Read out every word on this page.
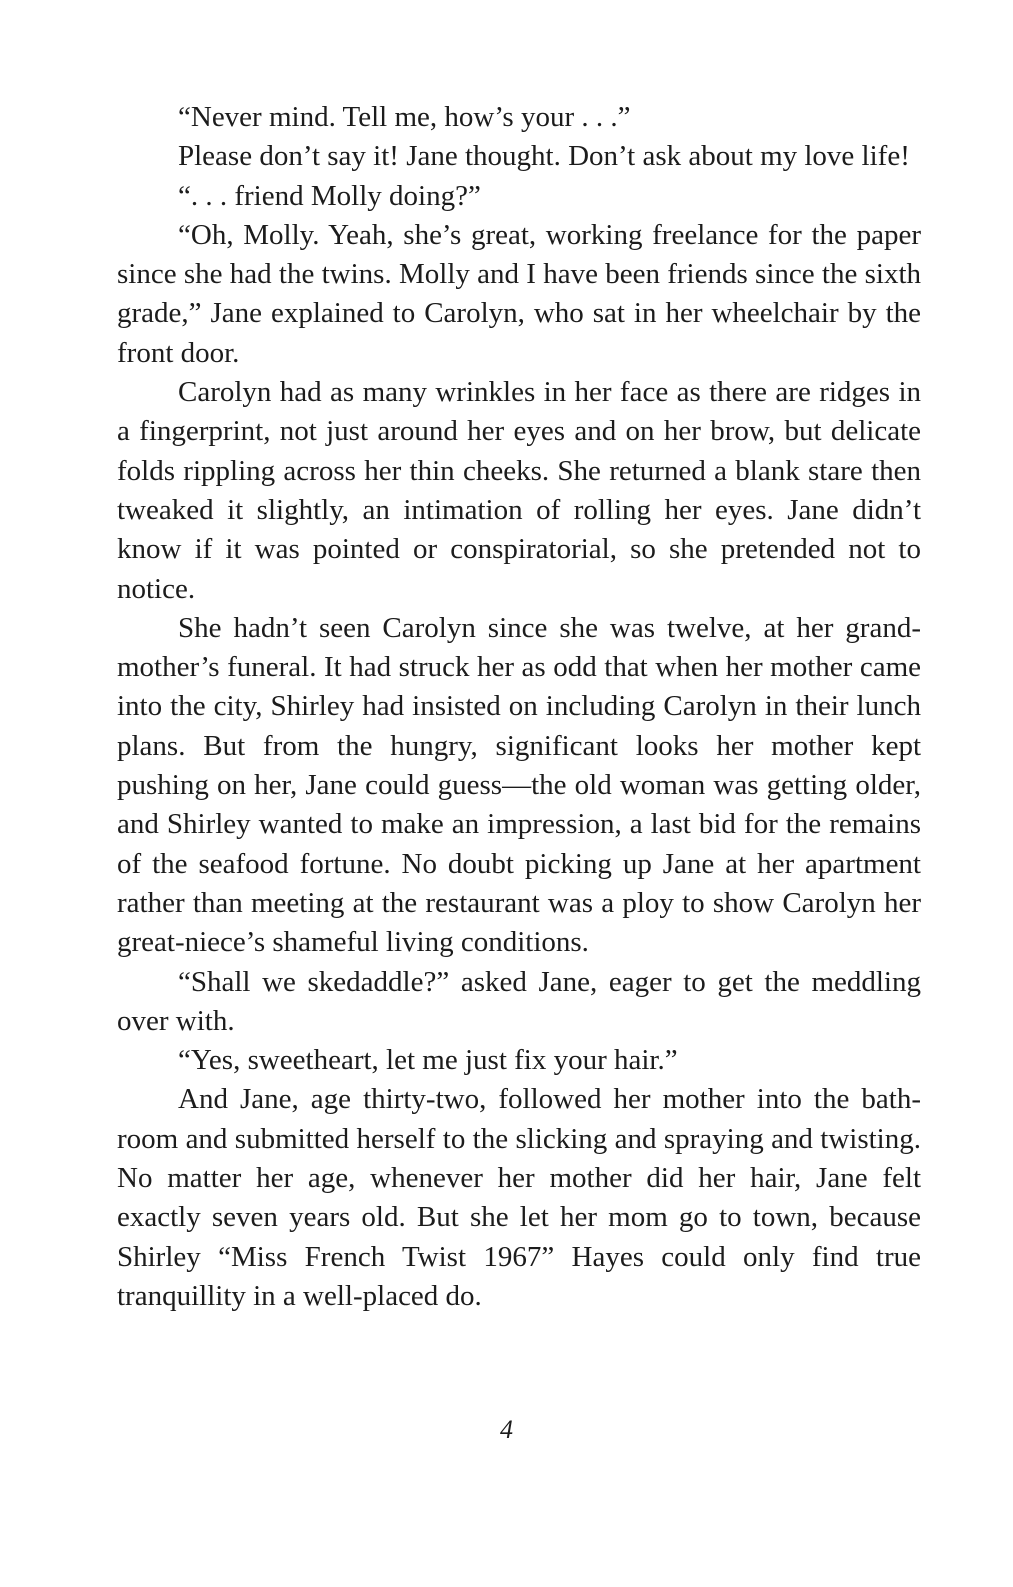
“Never mind. Tell me, how’s your . . .”

Please don’t say it! Jane thought. Don’t ask about my love life!

“. . . friend Molly doing?”

“Oh, Molly. Yeah, she’s great, working freelance for the paper since she had the twins. Molly and I have been friends since the sixth grade,” Jane explained to Carolyn, who sat in her wheelchair by the front door.

Carolyn had as many wrinkles in her face as there are ridges in a fingerprint, not just around her eyes and on her brow, but delicate folds rippling across her thin cheeks. She returned a blank stare then tweaked it slightly, an intimation of rolling her eyes. Jane didn’t know if it was pointed or conspiratorial, so she pretended not to notice.

She hadn’t seen Carolyn since she was twelve, at her grandmother’s funeral. It had struck her as odd that when her mother came into the city, Shirley had insisted on including Carolyn in their lunch plans. But from the hungry, significant looks her mother kept pushing on her, Jane could guess—the old woman was getting older, and Shirley wanted to make an impression, a last bid for the remains of the seafood fortune. No doubt picking up Jane at her apartment rather than meeting at the restaurant was a ploy to show Carolyn her great-niece’s shameful living conditions.

“Shall we skedaddle?” asked Jane, eager to get the meddling over with.

“Yes, sweetheart, let me just fix your hair.”

And Jane, age thirty-two, followed her mother into the bathroom and submitted herself to the slicking and spraying and twisting. No matter her age, whenever her mother did her hair, Jane felt exactly seven years old. But she let her mom go to town, because Shirley “Miss French Twist 1967” Hayes could only find true tranquillity in a well-placed do.

4
